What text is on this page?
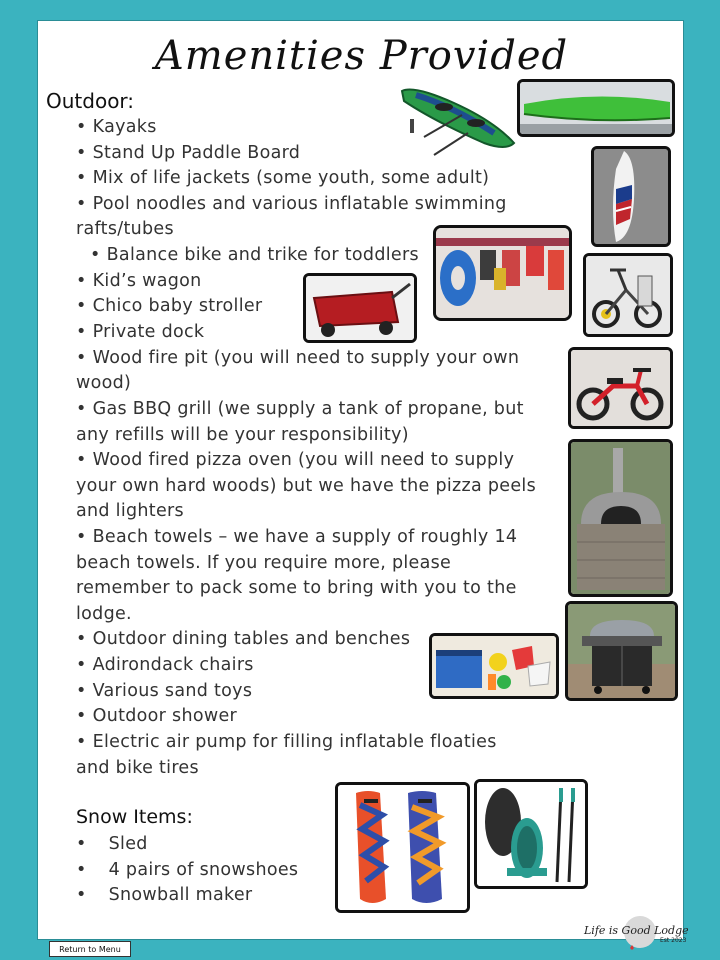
Amenities Provided
Outdoor:
• Kayaks
• Stand Up Paddle Board
• Mix of life jackets (some youth, some adult)
• Pool noodles and various inflatable swimming
rafts/tubes
• Balance bike and trike for toddlers
• Kid’s wagon
• Chico baby stroller
• Private dock
• Wood fire pit (you will need to supply your own
wood)
• Gas BBQ grill (we supply a tank of propane, but
any refills will be your responsibility)
• Wood fired pizza oven (you will need to supply
your own hard woods) but we have the pizza peels
and lighters
• Beach towels – we have a supply of roughly 14
beach towels. If you require more, please
remember to pack some to bring with you to the
lodge.
• Outdoor dining tables and benches
• Adirondack chairs
• Various sand toys
• Outdoor shower
• Electric air pump for filling inflatable floaties
and bike tires
Snow Items:
• Sled
• 4 pairs of snowshoes
• Snowball maker
Life is Good Lodge
Est 2023
Return to Menu
